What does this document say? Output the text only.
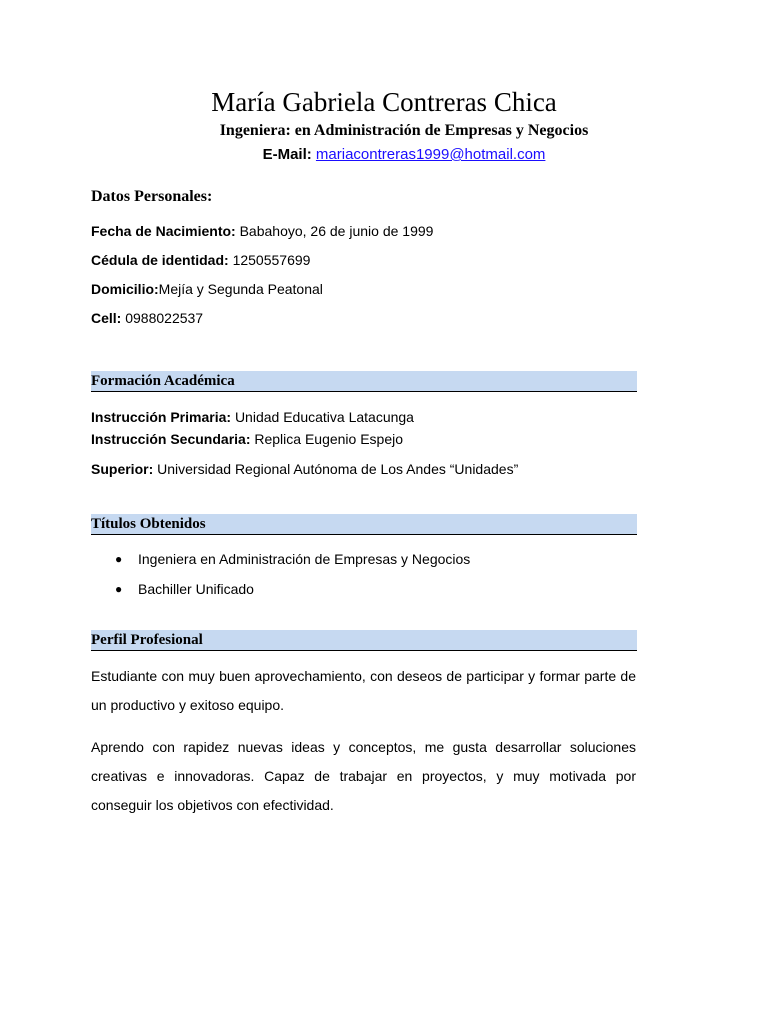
María Gabriela Contreras Chica
Ingeniera: en Administración de Empresas y Negocios
E-Mail: mariacontreras1999@hotmail.com
Datos Personales:
Fecha de Nacimiento: Babahoyo, 26 de junio de 1999
Cédula de identidad: 1250557699
Domicilio:Mejía y Segunda Peatonal
Cell: 0988022537
Formación Académica
Instrucción Primaria: Unidad Educativa Latacunga
Instrucción Secundaria: Replica Eugenio Espejo
Superior: Universidad Regional Autónoma de Los Andes “Unidades”
Títulos Obtenidos
● Ingeniera en Administración de Empresas y Negocios
● Bachiller Unificado
Perfil Profesional
Estudiante con muy buen aprovechamiento, con deseos de participar y formar parte de un productivo y exitoso equipo.
Aprendo con rapidez nuevas ideas y conceptos, me gusta desarrollar soluciones creativas e innovadoras. Capaz de trabajar en proyectos, y muy motivada por conseguir los objetivos con efectividad.
